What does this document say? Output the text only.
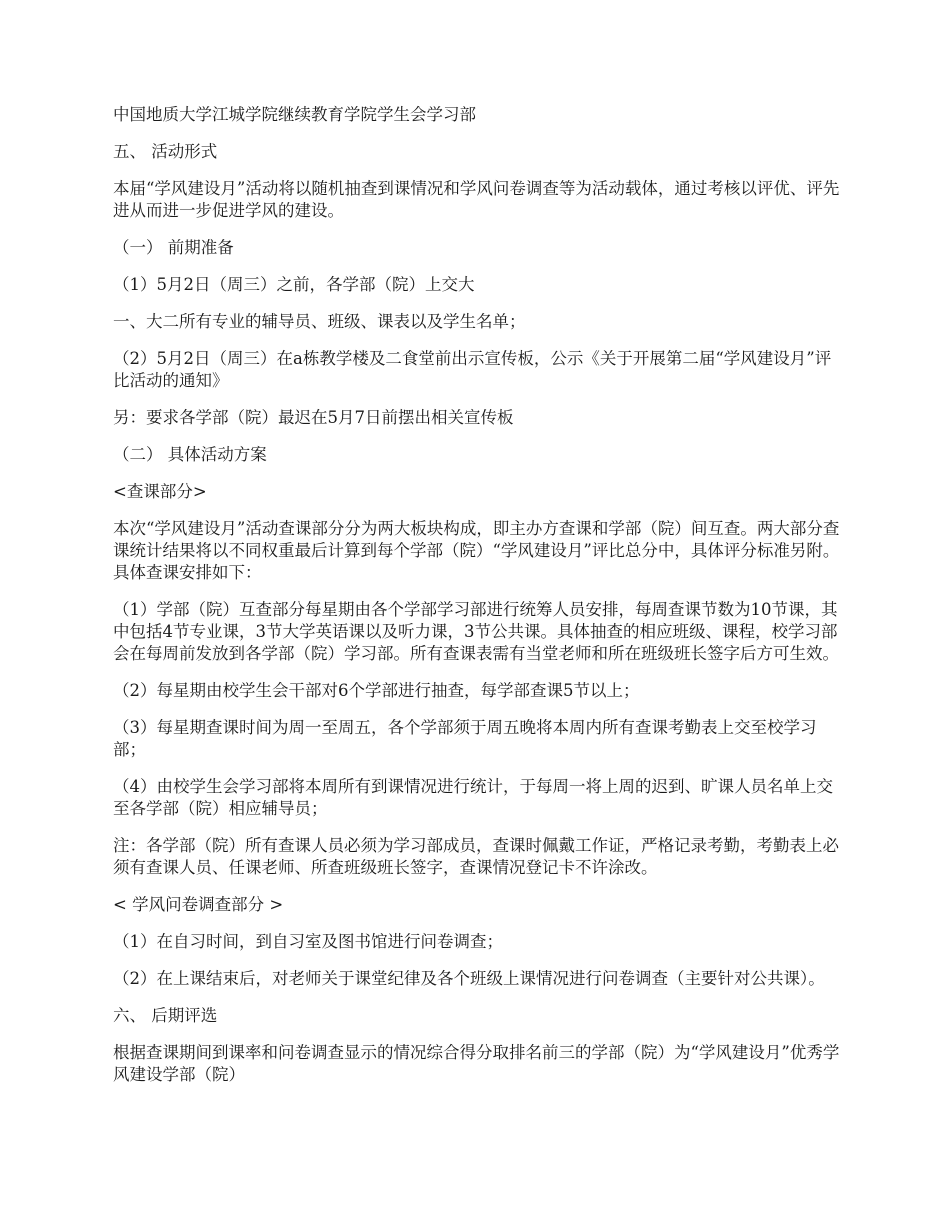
中国地质大学江城学院继续教育学院学生会学习部

五、 活动形式

本届“学风建设月”活动将以随机抽查到课情况和学风问卷调查等为活动载体，通过考核以评优、评先进从而进一步促进学风的建设。

（一） 前期准备

（1）5月2日（周三）之前，各学部（院）上交大

一、大二所有专业的辅导员、班级、课表以及学生名单；

（2）5月2日（周三）在a栋教学楼及二食堂前出示宣传板，公示《关于开展第二届“学风建设月”评比活动的通知》

另：要求各学部（院）最迟在5月7日前摆出相关宣传板

（二） 具体活动方案

<查课部分>

本次“学风建设月”活动查课部分分为两大板块构成，即主办方查课和学部（院）间互查。两大部分查课统计结果将以不同权重最后计算到每个学部（院）“学风建设月”评比总分中，具体评分标准另附。具体查课安排如下：

（1）学部（院）互查部分每星期由各个学部学习部进行统筹人员安排，每周查课节数为10节课，其中包括4节专业课，3节大学英语课以及听力课，3节公共课。具体抽查的相应班级、课程，校学习部会在每周前发放到各学部（院）学习部。所有查课表需有当堂老师和所在班级班长签字后方可生效。

（2）每星期由校学生会干部对6个学部进行抽查，每学部查课5节以上；

（3）每星期查课时间为周一至周五，各个学部须于周五晚将本周内所有查课考勤表上交至校学习部；

（4）由校学生会学习部将本周所有到课情况进行统计，于每周一将上周的迟到、旷课人员名单上交至各学部（院）相应辅导员；

注：各学部（院）所有查课人员必须为学习部成员，查课时佩戴工作证，严格记录考勤，考勤表上必须有查课人员、任课老师、所查班级班长签字，查课情况登记卡不许涂改。

< 学风问卷调查部分 >

（1）在自习时间，到自习室及图书馆进行问卷调查；

（2）在上课结束后，对老师关于课堂纪律及各个班级上课情况进行问卷调查（主要针对公共课）。

六、 后期评选

根据查课期间到课率和问卷调查显示的情况综合得分取排名前三的学部（院）为“学风建设月”优秀学风建设学部（院）
